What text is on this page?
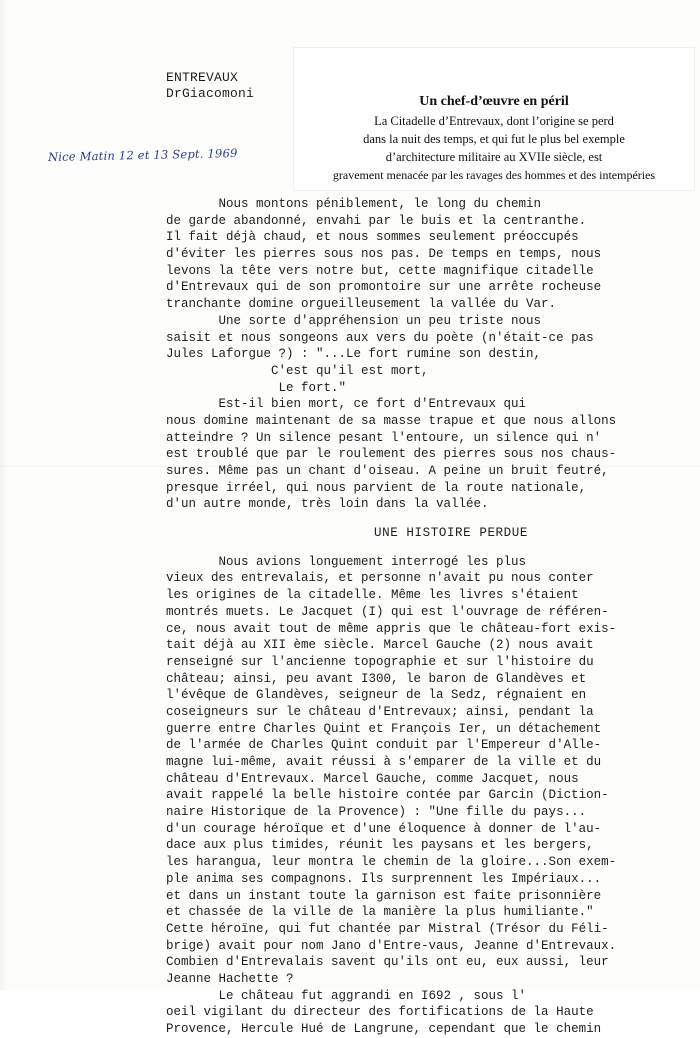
ENTREVAUX
DrGiacomoni
Nice Matin 12 et 13 Sept. 1969
Un chef-d’œuvre en péril
La Citadelle d’Entrevaux, dont l’origine se perd
dans la nuit des temps, et qui fut le plus bel exemple
d’architecture militaire au XVIIe siècle, est
gravement menacée par les ravages des hommes et des intempéries
Nous montons péniblement, le long du chemin
de garde abandonné, envahi par le buis et la centranthe.
Il fait déjà chaud, et nous sommes seulement préoccupés
d'éviter les pierres sous nos pas. De temps en temps, nous
levons la tête vers notre but, cette magnifique citadelle
d'Entrevaux qui de son promontoire sur une arrête rocheuse
tranchante domine orgueilleusement la vallée du Var.
Une sorte d'appréhension un peu triste nous
saisit et nous songeons aux vers du poète (n'était-ce pas
Jules Laforgue ?) : "...Le fort rumine son destin,
C'est qu'il est mort,
Le fort."
Est-il bien mort, ce fort d'Entrevaux qui
nous domine maintenant de sa masse trapue et que nous allons
atteindre ? Un silence pesant l'entoure, un silence qui n'
est troublé que par le roulement des pierres sous nos chaus-
sures. Même pas un chant d'oiseau. A peine un bruit feutré,
presque irréel, qui nous parvient de la route nationale,
d'un autre monde, très loin dans la vallée.
UNE HISTOIRE PERDUE
Nous avions longuement interrogé les plus
vieux des entrevalais, et personne n'avait pu nous conter
les origines de la citadelle. Même les livres s'étaient
montrés muets. Le Jacquet (I) qui est l'ouvrage de référen-
ce, nous avait tout de même appris que le château-fort exis-
tait déjà au XII ème siècle. Marcel Gauche (2) nous avait
renseigné sur l'ancienne topographie et sur l'histoire du
château; ainsi, peu avant I300, le baron de Glandèves et
l'évêque de Glandèves, seigneur de la Sedz, régnaient en
coseigneurs sur le château d'Entrevaux; ainsi, pendant la
guerre entre Charles Quint et François Ier, un détachement
de l'armée de Charles Quint conduit par l'Empereur d'Alle-
magne lui-même, avait réussi à s'emparer de la ville et du
château d'Entrevaux. Marcel Gauche, comme Jacquet, nous
avait rappelé la belle histoire contée par Garcin (Diction-
naire Historique de la Provence) : "Une fille du pays...
d'un courage héroïque et d'une éloquence à donner de l'au-
dace aux plus timides, réunit les paysans et les bergers,
les harangua, leur montra le chemin de la gloire...Son exem-
ple anima ses compagnons. Ils surprennent les Impériaux...
et dans un instant toute la garnison est faite prisonnière
et chassée de la ville de la manière la plus humiliante."
Cette héroïne, qui fut chantée par Mistral (Trésor du Féli-
brige) avait pour nom Jano d'Entre-vaus, Jeanne d'Entrevaux.
Combien d'Entrevalais savent qu'ils ont eu, eux aussi, leur
Jeanne Hachette ?
Le château fut aggrandi en I692 , sous l'
oeil vigilant du directeur des fortifications de la Haute
Provence, Hercule Hué de Langrune, cependant que le chemin
